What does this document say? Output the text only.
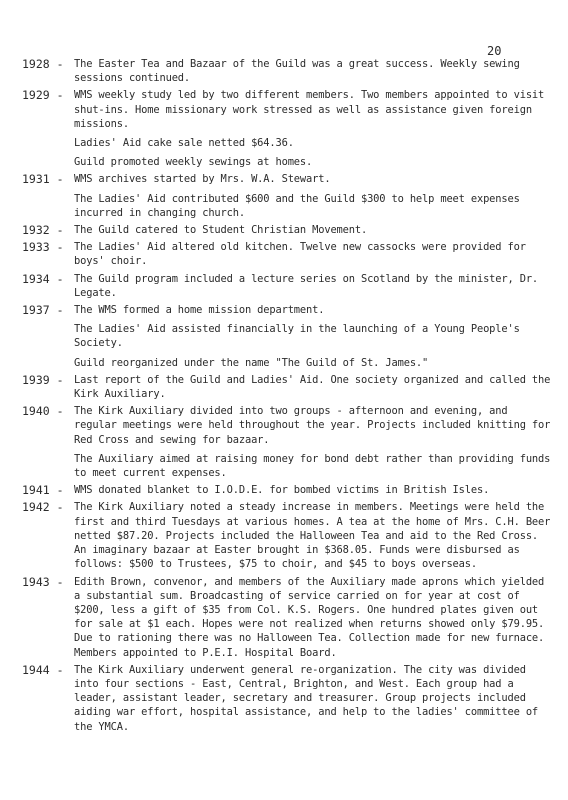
20
1928 -	The Easter Tea and Bazaar of the Guild was a great success. Weekly sewing sessions continued.

1929 -	WMS weekly study led by two different members. Two members appointed to visit shut-ins. Home missionary work stressed as well as assistance given foreign missions.

Ladies' Aid cake sale netted $64.36.

Guild promoted weekly sewings at homes.

1931 -	WMS archives started by Mrs. W.A. Stewart.

The Ladies' Aid contributed $600 and the Guild $300 to help meet expenses incurred in changing church.

1932 -	The Guild catered to Student Christian Movement.

1933 -	The Ladies' Aid altered old kitchen. Twelve new cassocks were provided for boys' choir.

1934 -	The Guild program included a lecture series on Scotland by the minister, Dr. Legate.

1937 -	The WMS formed a home mission department.

The Ladies' Aid assisted financially in the launching of a Young People's Society.

Guild reorganized under the name "The Guild of St. James."

1939 -	Last report of the Guild and Ladies' Aid. One society organized and called the Kirk Auxiliary.

1940 -	The Kirk Auxiliary divided into two groups - afternoon and evening, and regular meetings were held throughout the year. Projects included knitting for Red Cross and sewing for bazaar.

The Auxiliary aimed at raising money for bond debt rather than providing funds to meet current expenses.

1941 -	WMS donated blanket to I.O.D.E. for bombed victims in British Isles.

1942 -	The Kirk Auxiliary noted a steady increase in members. Meetings were held the first and third Tuesdays at various homes. A tea at the home of Mrs. C.H. Beer netted $87.20. Projects included the Halloween Tea and aid to the Red Cross. An imaginary bazaar at Easter brought in $368.05. Funds were disbursed as follows: $500 to Trustees, $75 to choir, and $45 to boys overseas.

1943 -	Edith Brown, convenor, and members of the Auxiliary made aprons which yielded a substantial sum. Broadcasting of service carried on for year at cost of $200, less a gift of $35 from Col. K.S. Rogers. One hundred plates given out for sale at $1 each. Hopes were not realized when returns showed only $79.95. Due to rationing there was no Halloween Tea. Collection made for new furnace. Members appointed to P.E.I. Hospital Board.

1944 -	The Kirk Auxiliary underwent general re-organization. The city was divided into four sections - East, Central, Brighton, and West. Each group had a leader, assistant leader, secretary and treasurer. Group projects included aiding war effort, hospital assistance, and help to the ladies' committee of the YMCA.
